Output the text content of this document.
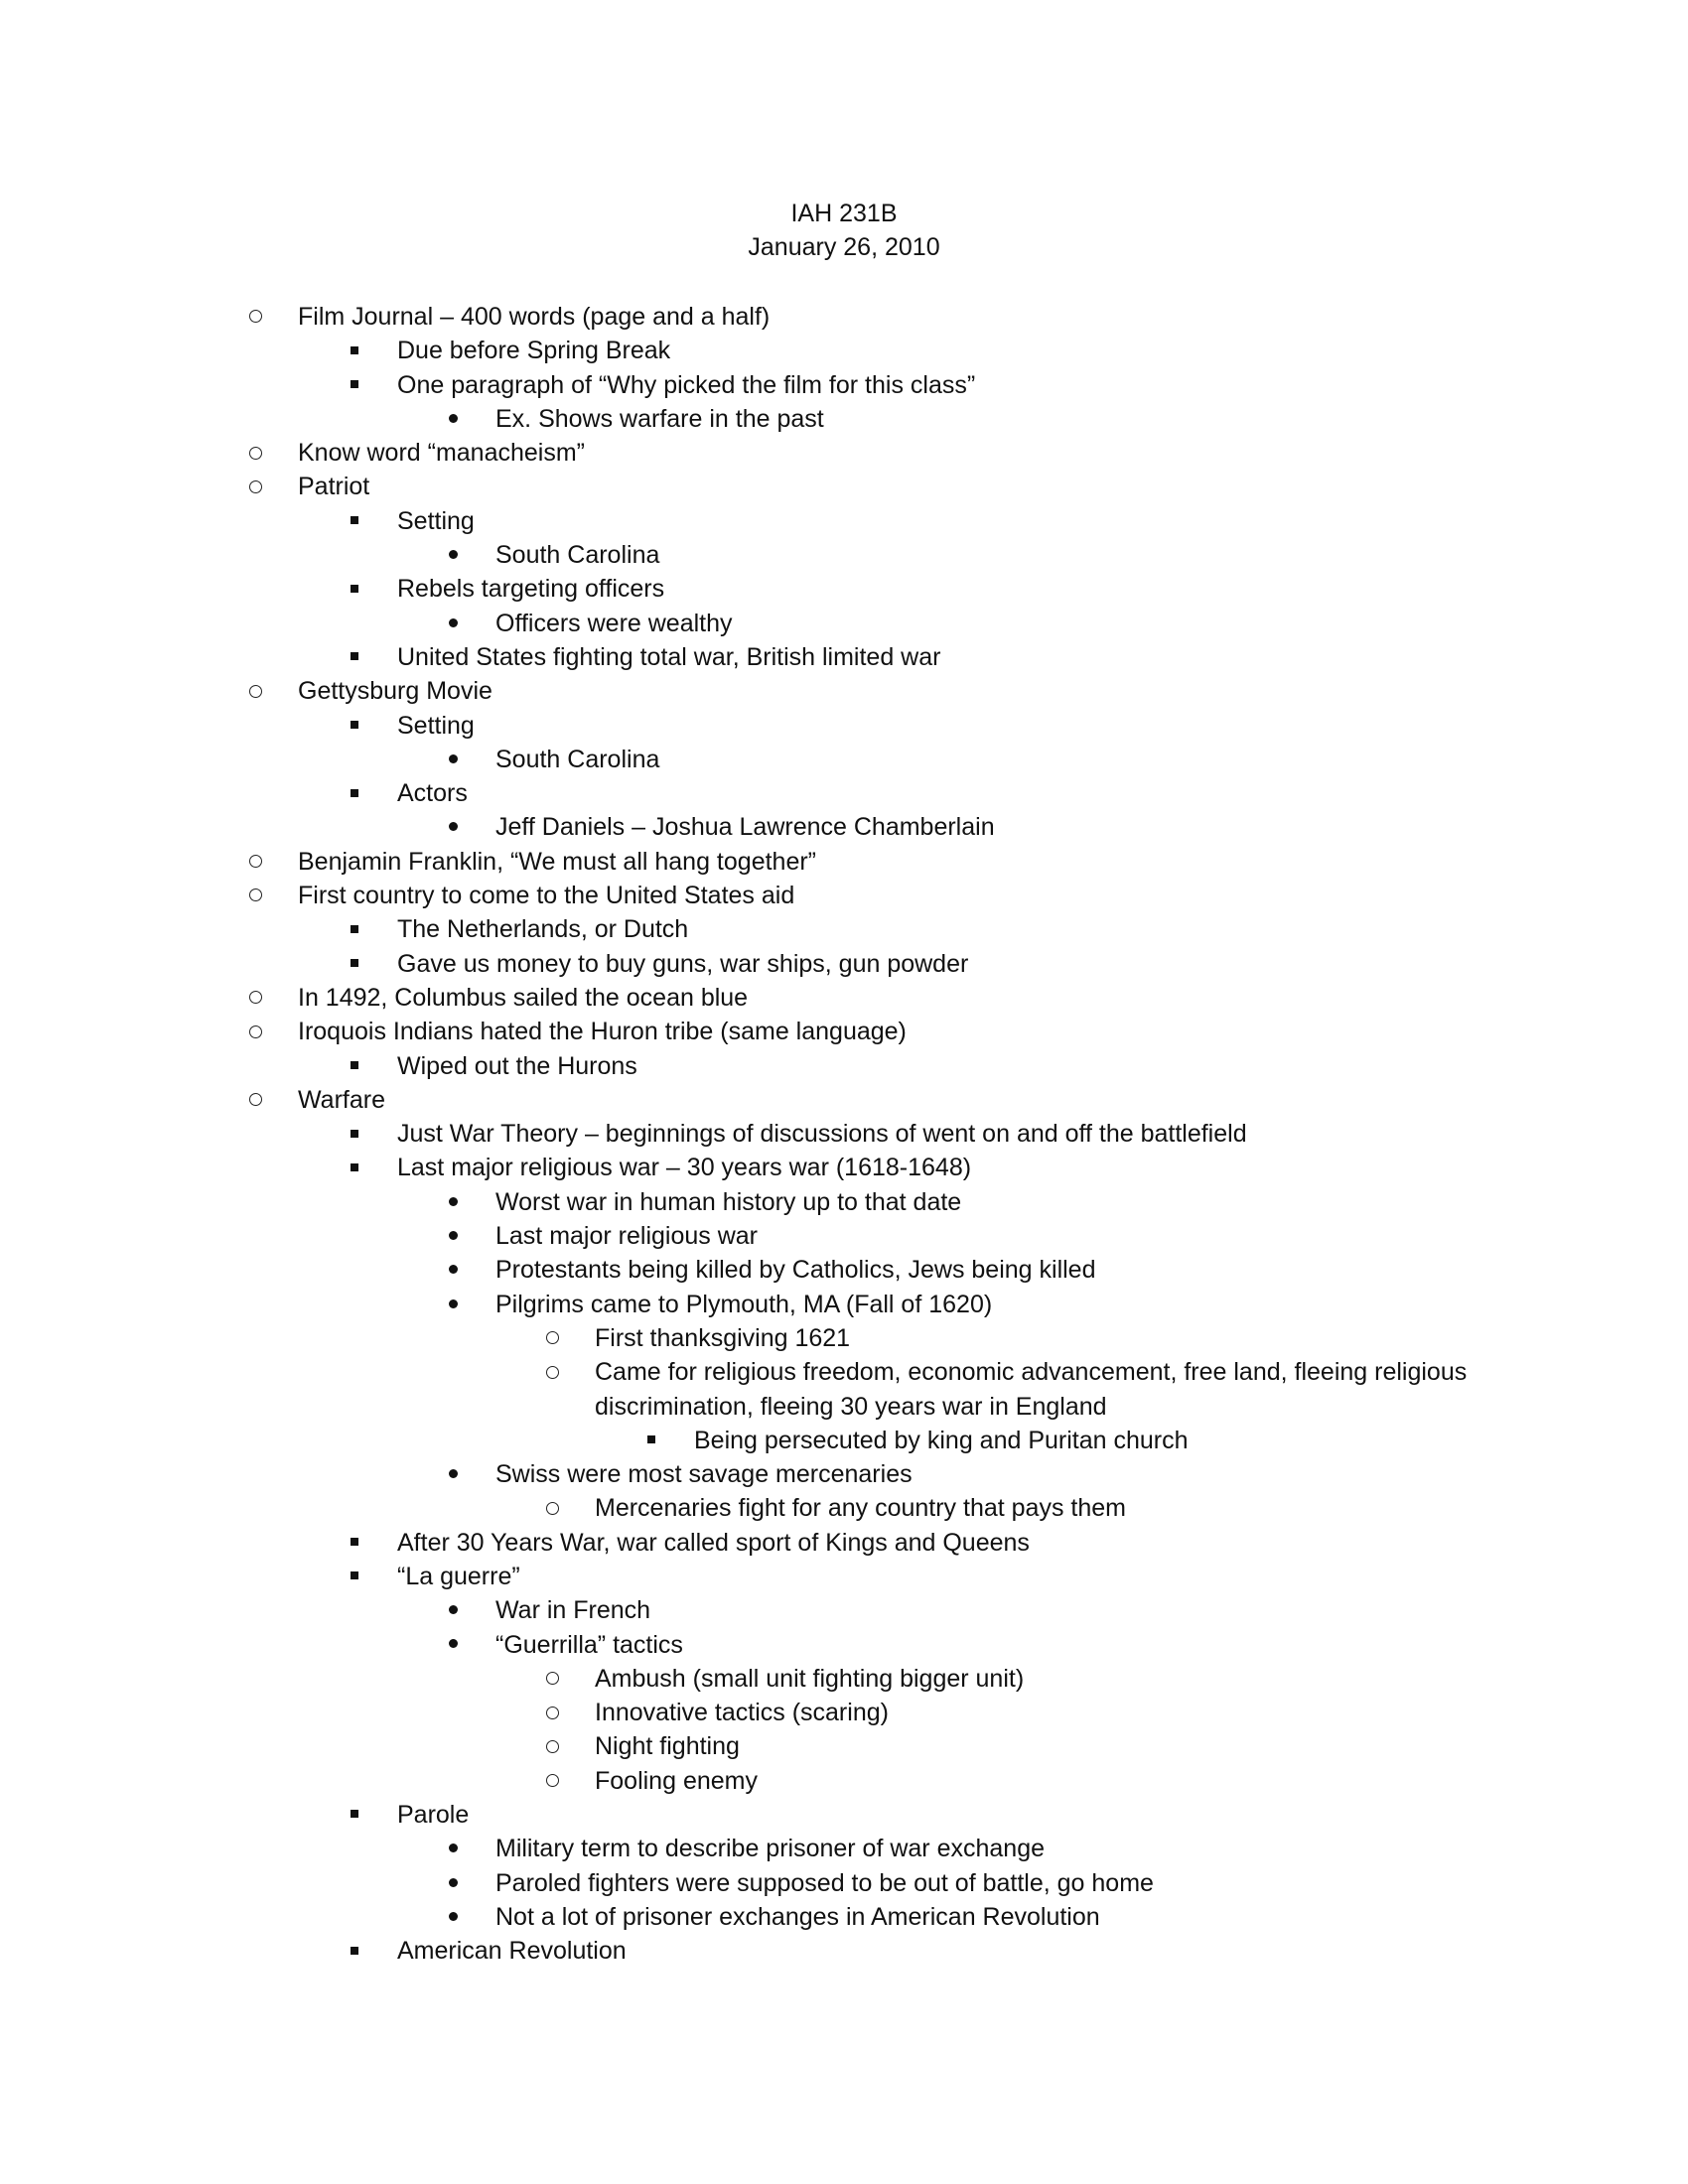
IAH 231B
January 26, 2010
Film Journal – 400 words (page and a half)
Due before Spring Break
One paragraph of “Why picked the film for this class”
Ex. Shows warfare in the past
Know word “manacheism”
Patriot
Setting
South Carolina
Rebels targeting officers
Officers were wealthy
United States fighting total war, British limited war
Gettysburg Movie
Setting
South Carolina
Actors
Jeff Daniels – Joshua Lawrence Chamberlain
Benjamin Franklin, “We must all hang together”
First country to come to the United States aid
The Netherlands, or Dutch
Gave us money to buy guns, war ships, gun powder
In 1492, Columbus sailed the ocean blue
Iroquois Indians hated the Huron tribe (same language)
Wiped out the Hurons
Warfare
Just War Theory – beginnings of discussions of went on and off the battlefield
Last major religious war – 30 years war (1618-1648)
Worst war in human history up to that date
Last major religious war
Protestants being killed by Catholics, Jews being killed
Pilgrims came to Plymouth, MA (Fall of 1620)
First thanksgiving 1621
Came for religious freedom, economic advancement, free land, fleeing religious discrimination, fleeing 30 years war in England
Being persecuted by king and Puritan church
Swiss were most savage mercenaries
Mercenaries fight for any country that pays them
After 30 Years War, war called sport of Kings and Queens
“La guerre”
War in French
“Guerrilla” tactics
Ambush (small unit fighting bigger unit)
Innovative tactics (scaring)
Night fighting
Fooling enemy
Parole
Military term to describe prisoner of war exchange
Paroled fighters were supposed to be out of battle, go home
Not a lot of prisoner exchanges in American Revolution
American Revolution
